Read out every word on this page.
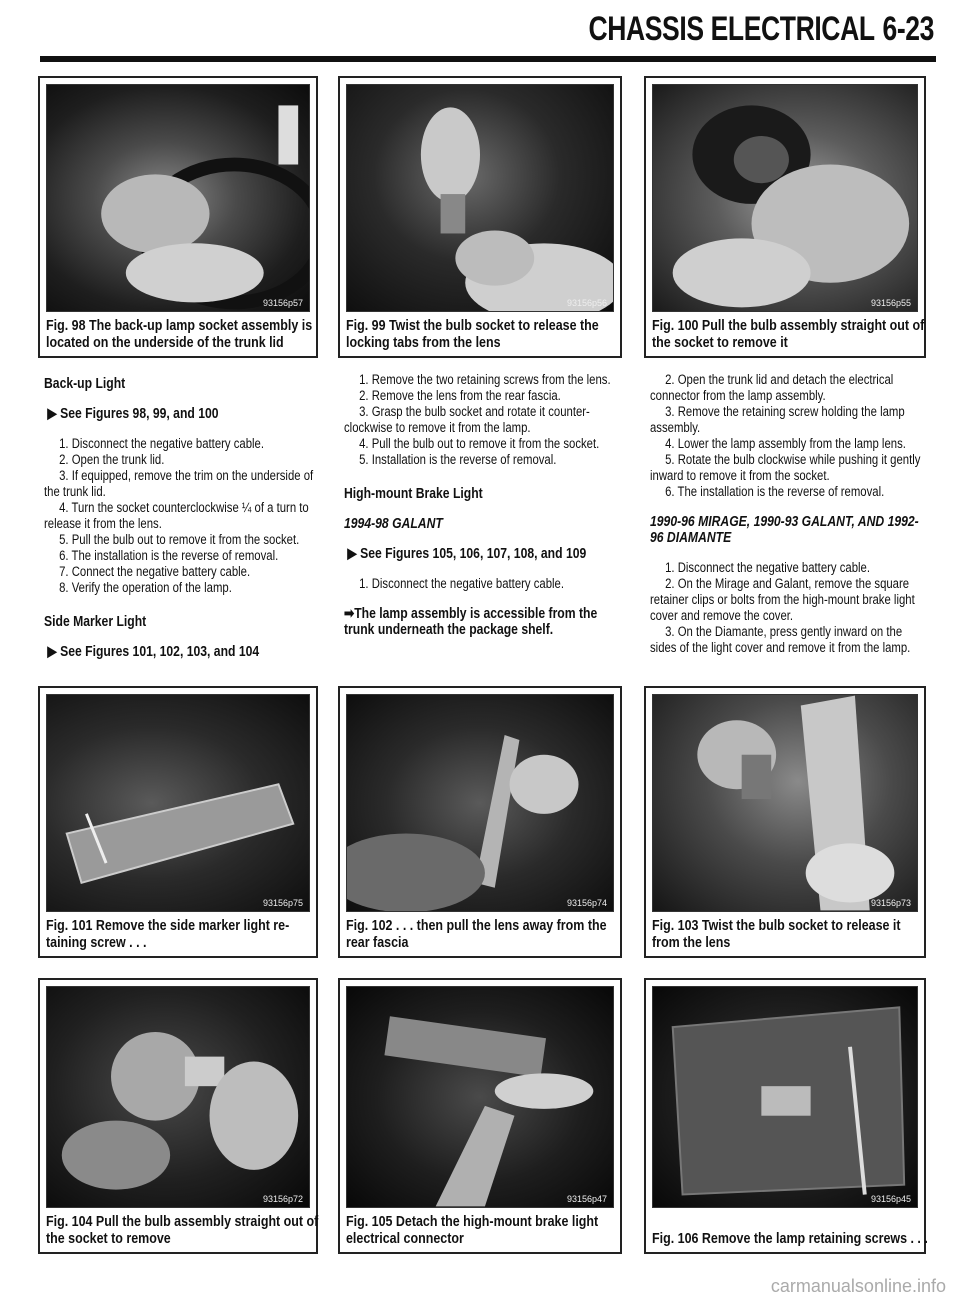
CHASSIS ELECTRICAL 6-23
93156p57
Fig. 98 The back-up lamp socket assembly is located on the underside of the trunk lid
93156p56
Fig. 99 Twist the bulb socket to release the locking tabs from the lens
93156p55
Fig. 100 Pull the bulb assembly straight out of the socket to remove it

Back-up Light

▶ See Figures 98, 99, and 100

1. Disconnect the negative battery cable.

2. Open the trunk lid.

3. If equipped, remove the trim on the underside of the trunk lid.

4. Turn the socket counterclockwise ¼ of a turn to release it from the lens.

5. Pull the bulb out to remove it from the socket.

6. The installation is the reverse of removal.

7. Connect the negative battery cable.

8. Verify the operation of the lamp.

Side Marker Light

▶ See Figures 101, 102, 103, and 104

1. Remove the two retaining screws from the lens.

2. Remove the lens from the rear fascia.

3. Grasp the bulb socket and rotate it counter-clockwise to remove it from the lamp.

4. Pull the bulb out to remove it from the socket.

5. Installation is the reverse of removal.

High-mount Brake Light

1994-98 GALANT

▶ See Figures 105, 106, 107, 108, and 109

1. Disconnect the negative battery cable.

➡The lamp assembly is accessible from the trunk underneath the package shelf.

2. Open the trunk lid and detach the electrical connector from the lamp assembly.

3. Remove the retaining screw holding the lamp assembly.

4. Lower the lamp assembly from the lamp lens.

5. Rotate the bulb clockwise while pushing it gently inward to remove it from the socket.

6. The installation is the reverse of removal.

1990-96 MIRAGE, 1990-93 GALANT, AND 1992-96 DIAMANTE

1. Disconnect the negative battery cable.

2. On the Mirage and Galant, remove the square retainer clips or bolts from the high-mount brake light cover and remove the cover.

3. On the Diamante, press gently inward on the sides of the light cover and remove it from the lamp.

93156p75
Fig. 101 Remove the side marker light re-taining screw . . .
93156p74
Fig. 102 . . . then pull the lens away from the rear fascia
93156p73
Fig. 103 Twist the bulb socket to release it from the lens
93156p72
Fig. 104 Pull the bulb assembly straight out of the socket to remove
93156p47
Fig. 105 Detach the high-mount brake light electrical connector
93156p45
Fig. 106 Remove the lamp retaining screws . . .
carmanualsonline.info
